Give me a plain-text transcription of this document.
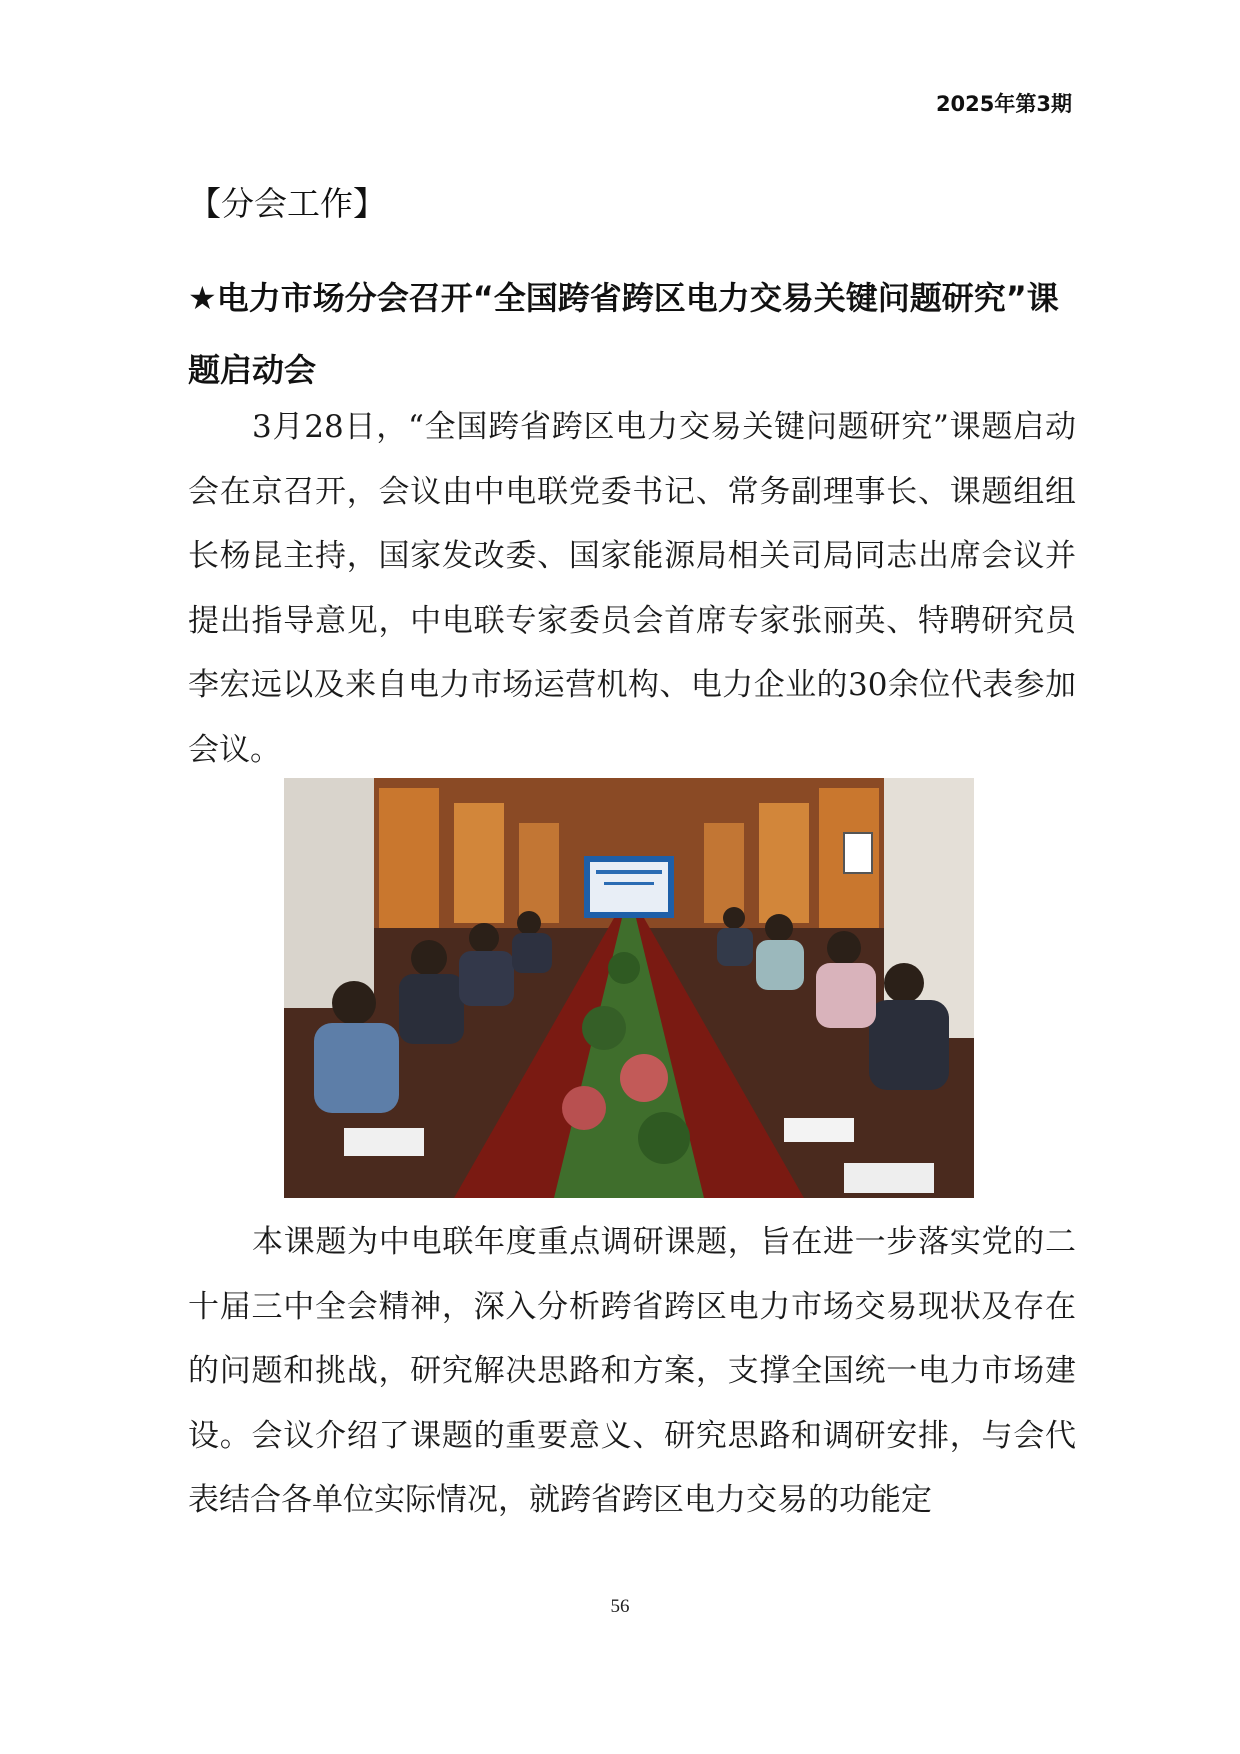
2025年第3期
【分会工作】
★电力市场分会召开“全国跨省跨区电力交易关键问题研究”课题启动会

3月28日，“全国跨省跨区电力交易关键问题研究”课题启动会在京召开，会议由中电联党委书记、常务副理事长、课题组组长杨昆主持，国家发改委、国家能源局相关司局同志出席会议并提出指导意见，中电联专家委员会首席专家张丽英、特聘研究员李宏远以及来自电力市场运营机构、电力企业的30余位代表参加会议。

本课题为中电联年度重点调研课题，旨在进一步落实党的二十届三中全会精神，深入分析跨省跨区电力市场交易现状及存在的问题和挑战，研究解决思路和方案，支撑全国统一电力市场建设。会议介绍了课题的重要意义、研究思路和调研安排，与会代表结合各单位实际情况，就跨省跨区电力交易的功能定

56
